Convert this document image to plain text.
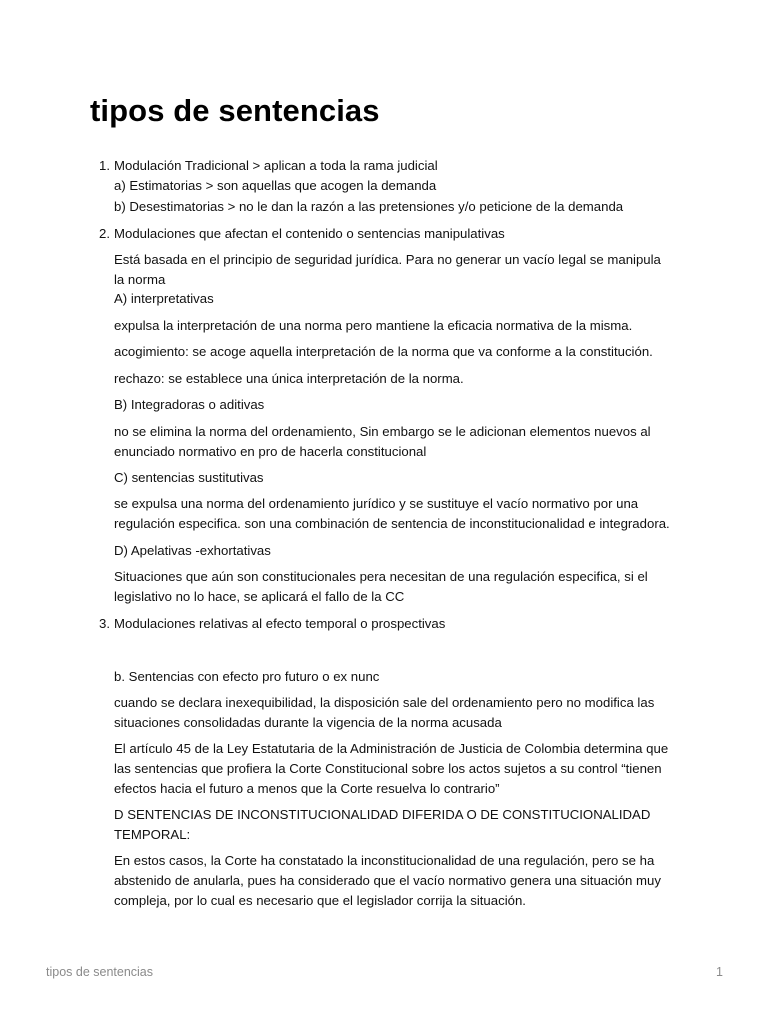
tipos de sentencias
1. Modulación Tradicional > aplican a toda la rama judicial
a) Estimatorias > son aquellas que acogen la demanda
b) Desestimatorias > no le dan la razón a las pretensiones y/o peticione de la demanda
2. Modulaciones que afectan el contenido o sentencias manipulativas
Está basada en el principio de seguridad jurídica. Para no generar un vacío legal se manipula la norma
A) interpretativas
expulsa la interpretación de una norma pero mantiene la eficacia normativa de la misma.
acogimiento: se acoge aquella interpretación de la norma que va conforme a la constitución.
rechazo: se establece una única interpretación de la norma.
B) Integradoras o aditivas
no se elimina la norma del ordenamiento, Sin embargo se le adicionan elementos nuevos al enunciado normativo en pro de hacerla constitucional
C) sentencias sustitutivas
se expulsa una norma del ordenamiento jurídico y se sustituye el vacío normativo por una regulación especifica. son una combinación de sentencia de inconstitucionalidad e integradora.
D) Apelativas -exhortativas
Situaciones que aún son constitucionales pera necesitan de una regulación especifica, si el legislativo no lo hace, se aplicará el fallo de la CC
3. Modulaciones relativas al efecto temporal o prospectivas
b. Sentencias con efecto pro futuro o ex nunc
cuando se declara inexequibilidad, la disposición sale del ordenamiento pero no modifica las situaciones consolidadas durante la vigencia de la norma acusada
El artículo 45 de la Ley Estatutaria de la Administración de Justicia de Colombia determina que las sentencias que profiera la Corte Constitucional sobre los actos sujetos a su control “tienen efectos hacia el futuro a menos que la Corte resuelva lo contrario”
D SENTENCIAS DE INCONSTITUCIONALIDAD DIFERIDA O DE CONSTITUCIONALIDAD TEMPORAL:
En estos casos, la Corte ha constatado la inconstitucionalidad de una regulación, pero se ha abstenido de anularla, pues ha considerado que el vacío normativo genera una situación muy compleja, por lo cual es necesario que el legislador corrija la situación.
tipos de sentencias	1
